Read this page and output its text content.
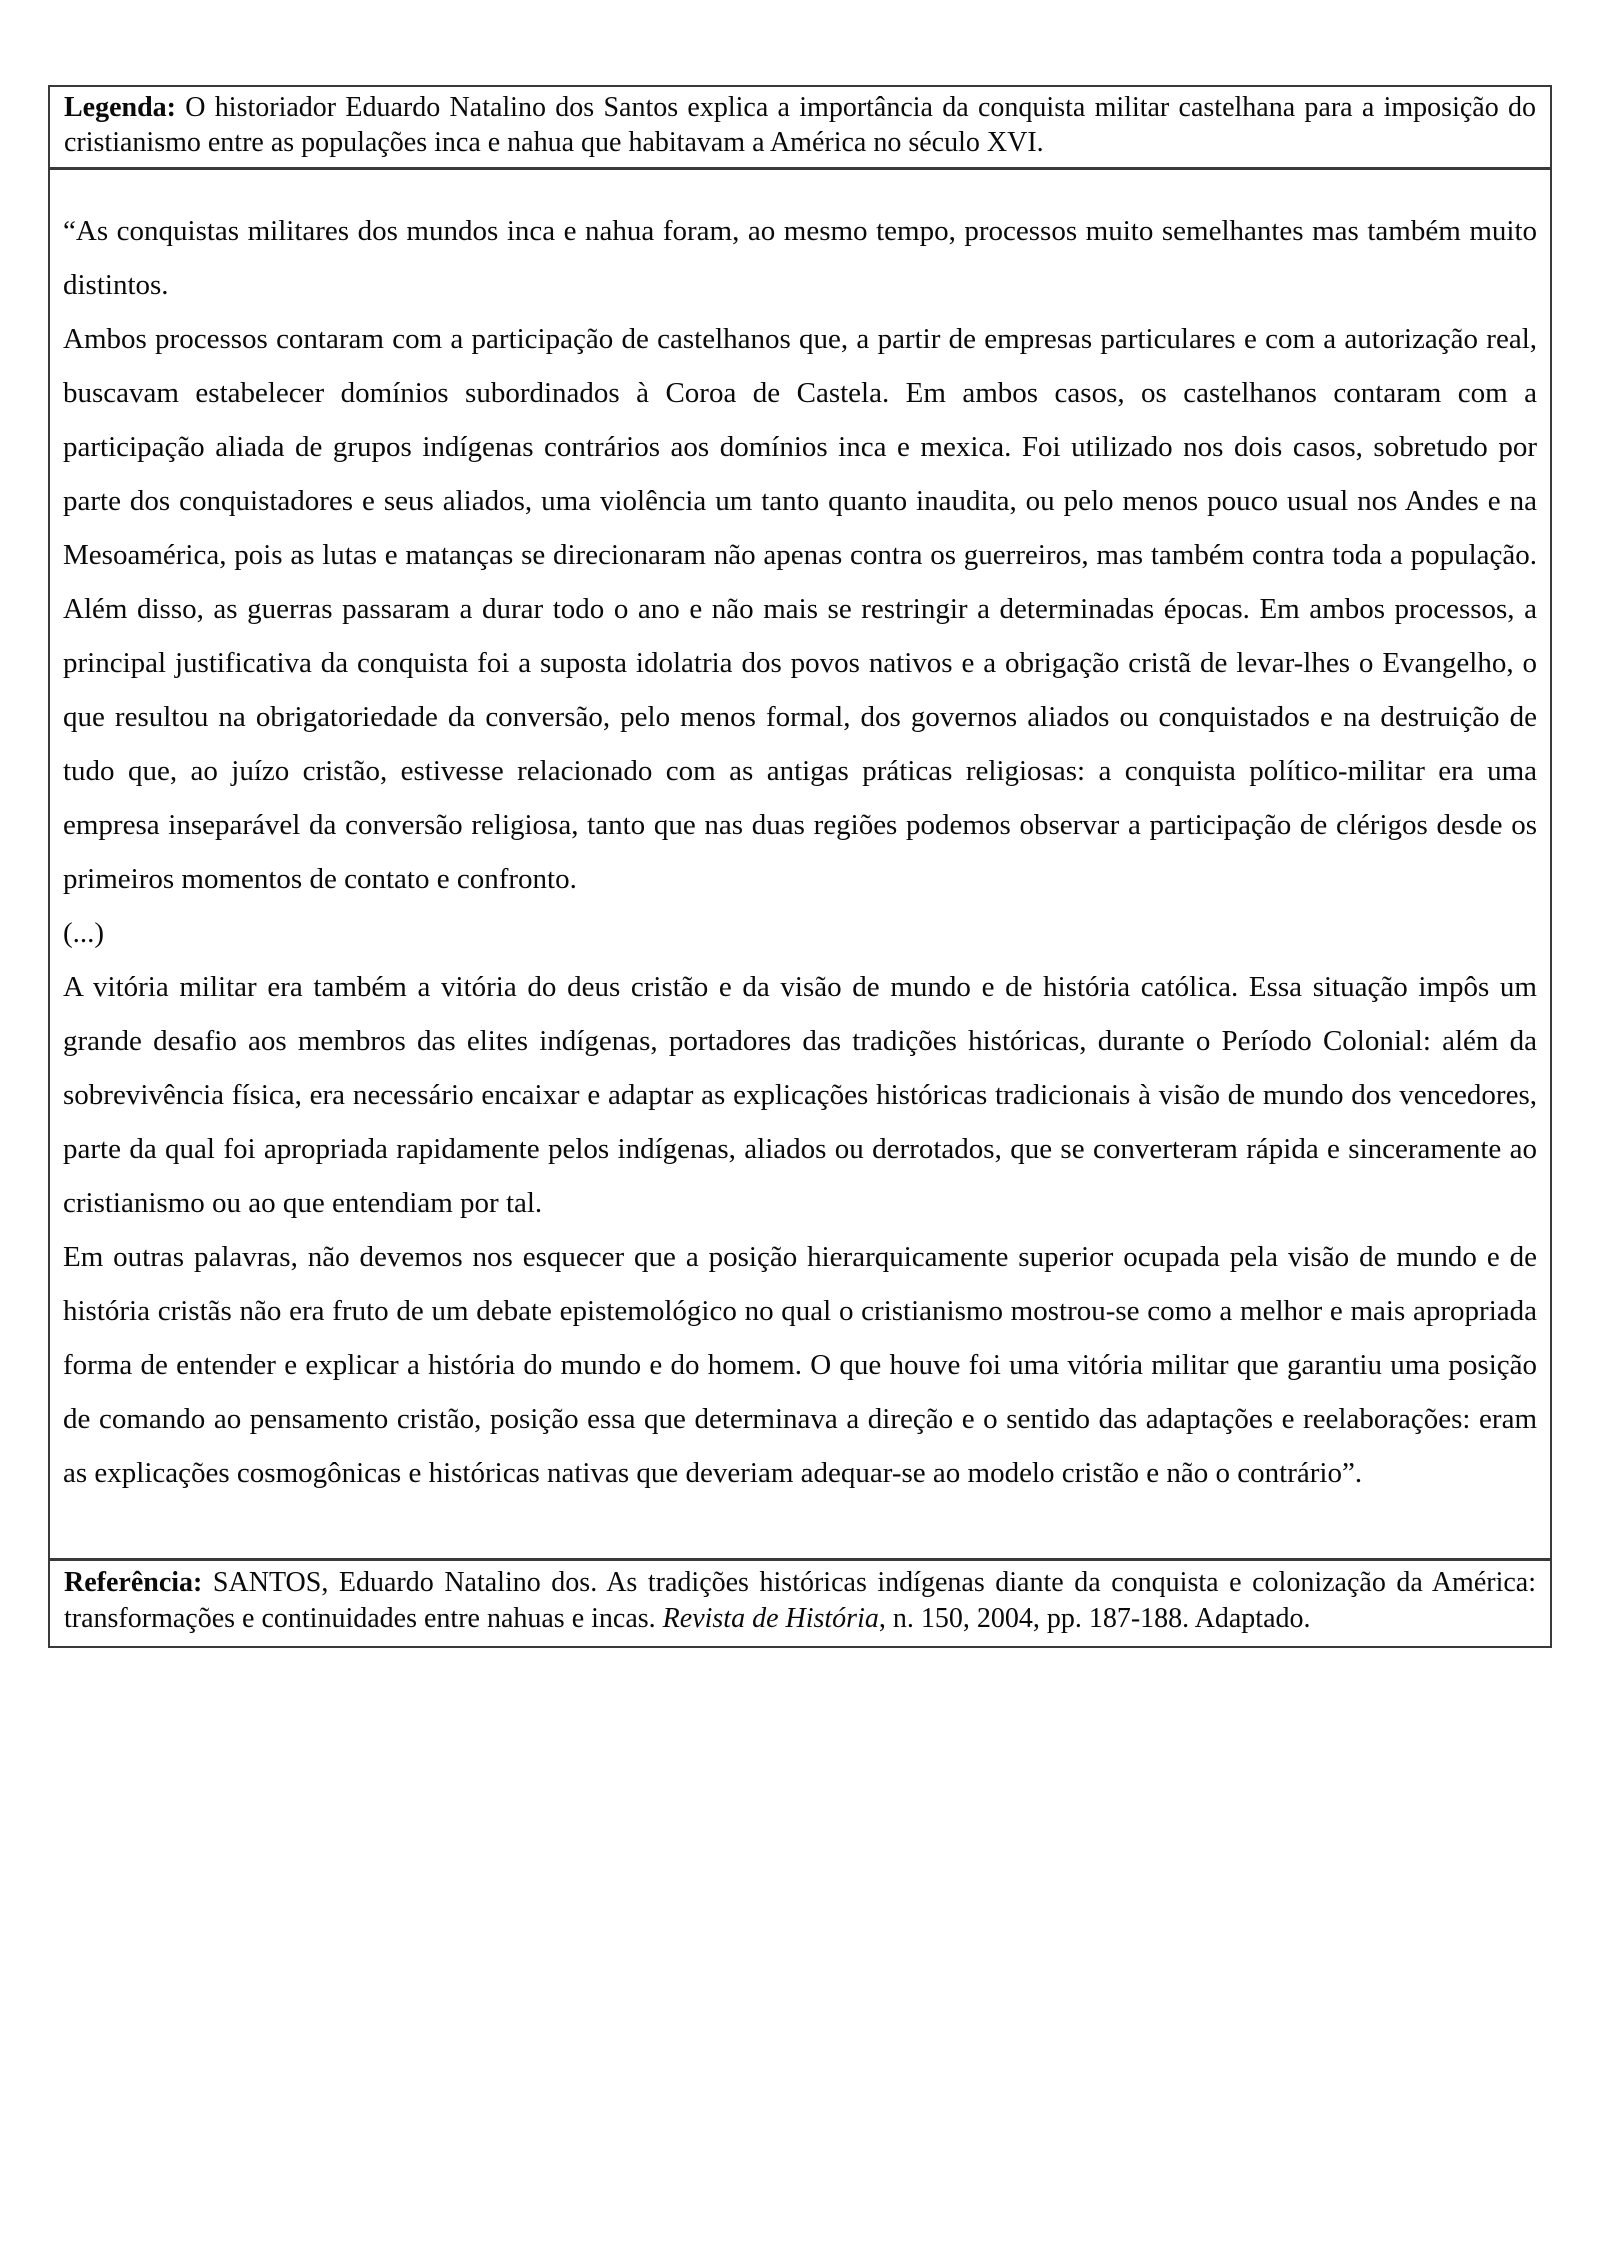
Legenda: O historiador Eduardo Natalino dos Santos explica a importância da conquista militar castelhana para a imposição do cristianismo entre as populações inca e nahua que habitavam a América no século XVI.

“As conquistas militares dos mundos inca e nahua foram, ao mesmo tempo, processos muito semelhantes mas também muito distintos.

Ambos processos contaram com a participação de castelhanos que, a partir de empresas particulares e com a autorização real, buscavam estabelecer domínios subordinados à Coroa de Castela. Em ambos casos, os castelhanos contaram com a participação aliada de grupos indígenas contrários aos domínios inca e mexica. Foi utilizado nos dois casos, sobretudo por parte dos conquistadores e seus aliados, uma violência um tanto quanto inaudita, ou pelo menos pouco usual nos Andes e na Mesoamérica, pois as lutas e matanças se direcionaram não apenas contra os guerreiros, mas também contra toda a população. Além disso, as guerras passaram a durar todo o ano e não mais se restringir a determinadas épocas. Em ambos processos, a principal justificativa da conquista foi a suposta idolatria dos povos nativos e a obrigação cristã de levar-lhes o Evangelho, o que resultou na obrigatoriedade da conversão, pelo menos formal, dos governos aliados ou conquistados e na destruição de tudo que, ao juízo cristão, estivesse relacionado com as antigas práticas religiosas: a conquista político-militar era uma empresa inseparável da conversão religiosa, tanto que nas duas regiões podemos observar a participação de clérigos desde os primeiros momentos de contato e confronto.

(...)

A vitória militar era também a vitória do deus cristão e da visão de mundo e de história católica. Essa situação impôs um grande desafio aos membros das elites indígenas, portadores das tradições históricas, durante o Período Colonial: além da sobrevivência física, era necessário encaixar e adaptar as explicações históricas tradicionais à visão de mundo dos vencedores, parte da qual foi apropriada rapidamente pelos indígenas, aliados ou derrotados, que se converteram rápida e sinceramente ao cristianismo ou ao que entendiam por tal.

Em outras palavras, não devemos nos esquecer que a posição hierarquicamente superior ocupada pela visão de mundo e de história cristãs não era fruto de um debate epistemológico no qual o cristianismo mostrou-se como a melhor e mais apropriada forma de entender e explicar a história do mundo e do homem. O que houve foi uma vitória militar que garantiu uma posição de comando ao pensamento cristão, posição essa que determinava a direção e o sentido das adaptações e reelaborações: eram as explicações cosmogônicas e históricas nativas que deveriam adequar-se ao modelo cristão e não o contrário”.

Referência: SANTOS, Eduardo Natalino dos. As tradições históricas indígenas diante da conquista e colonização da América: transformações e continuidades entre nahuas e incas. Revista de História, n. 150, 2004, pp. 187-188. Adaptado.
